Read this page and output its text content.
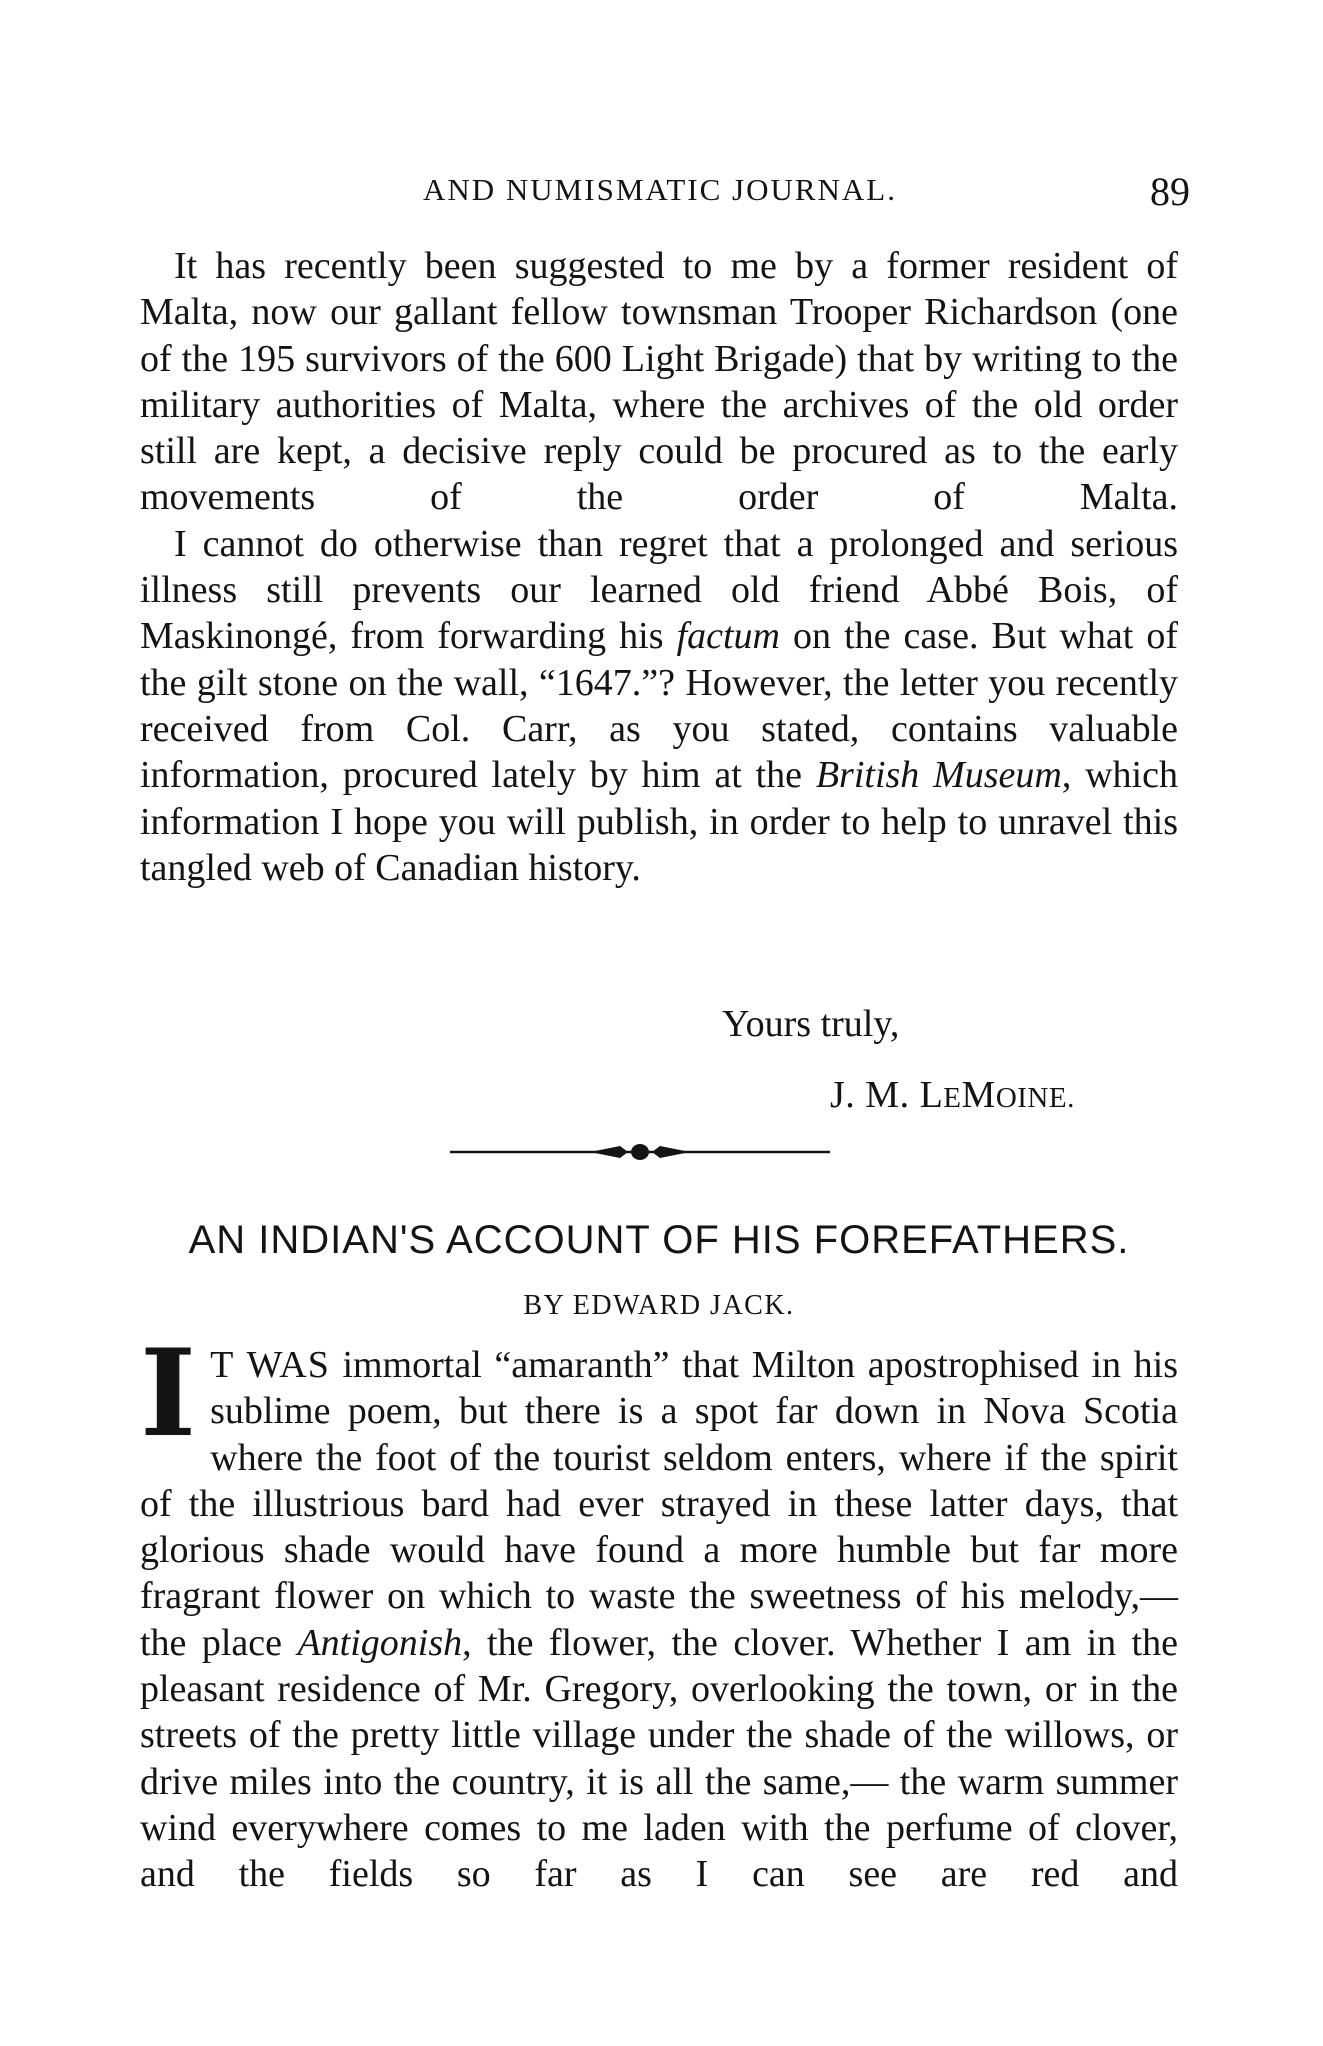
AND NUMISMATIC JOURNAL.	89

It has recently been suggested to me by a former resident of Malta, now our gallant fellow townsman Trooper Richardson (one of the 195 survivors of the 600 Light Brigade) that by writing to the military authorities of Malta, where the archives of the old order still are kept, a decisive reply could be procured as to the early movements of the order of Malta.

I cannot do otherwise than regret that a prolonged and serious illness still prevents our learned old friend Abbé Bois, of Maskinongé, from forwarding his factum on the case. But what of the gilt stone on the wall, “1647.”? However, the letter you recently received from Col. Carr, as you stated, contains valuable information, procured lately by him at the British Museum, which information I hope you will publish, in order to help to unravel this tangled web of Canadian history.

Yours truly,
J. M. LEMOINE.
AN INDIAN'S ACCOUNT OF HIS FOREFATHERS.
BY EDWARD JACK.
I T WAS immortal “amaranth” that Milton apostrophised in his sublime poem, but there is a spot far down in Nova Scotia where the foot of the tourist seldom enters, where if the spirit of the illustrious bard had ever strayed in these latter days, that glorious shade would have found a more humble but far more fragrant flower on which to waste the sweetness of his melody,—the place Antigonish, the flower, the clover. Whether I am in the pleasant residence of Mr. Gregory, overlooking the town, or in the streets of the pretty little village under the shade of the willows, or drive miles into the country, it is all the same,— the warm summer wind everywhere comes to me laden with the perfume of clover, and the fields so far as I can see are red and
